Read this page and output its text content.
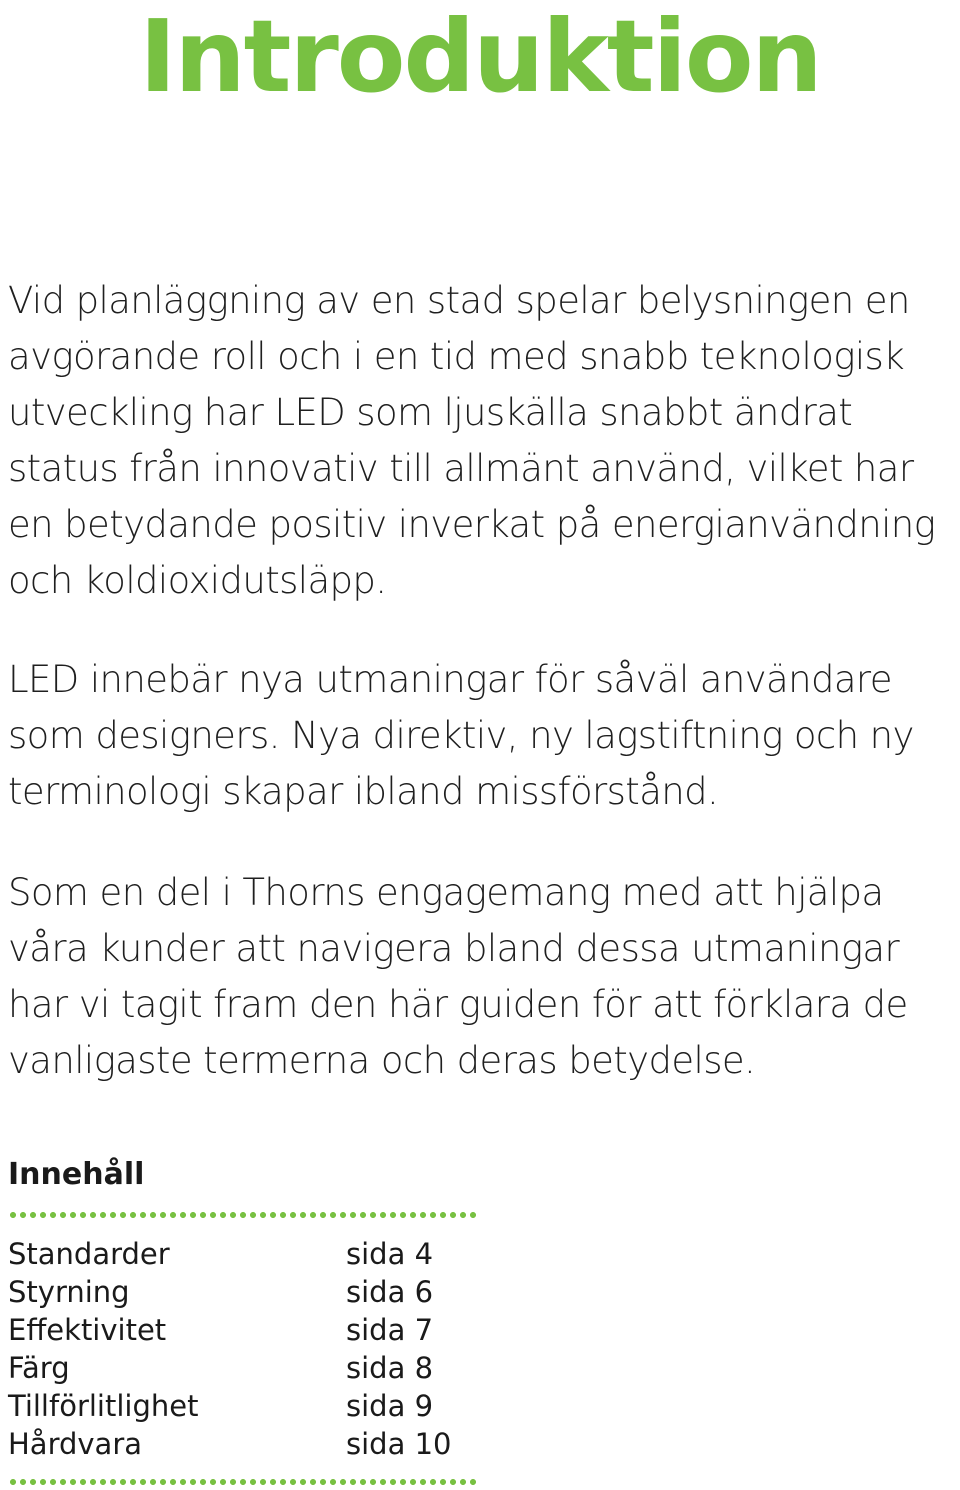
Introduktion

Vid planläggning av en stad spelar belysningen en avgörande roll och i en tid med snabb teknologisk utveckling har LED som ljuskälla snabbt ändrat status från innovativ till allmänt använd, vilket har en betydande positiv inverkat på energianvändning och koldioxidutsläpp.

LED innebär nya utmaningar för såväl användare som designers. Nya direktiv, ny lagstiftning och ny terminologi skapar ibland missförstånd.

Som en del i Thorns engagemang med att hjälpa våra kunder att navigera bland dessa utmaningar har vi tagit fram den här guiden för att förklara de vanligaste termerna och deras betydelse.

Innehåll
Standarder	sida 4
Styrning	sida 6
Effektivitet	sida 7
Färg	sida 8
Tillförlitlighet	sida 9
Hårdvara	sida 10
